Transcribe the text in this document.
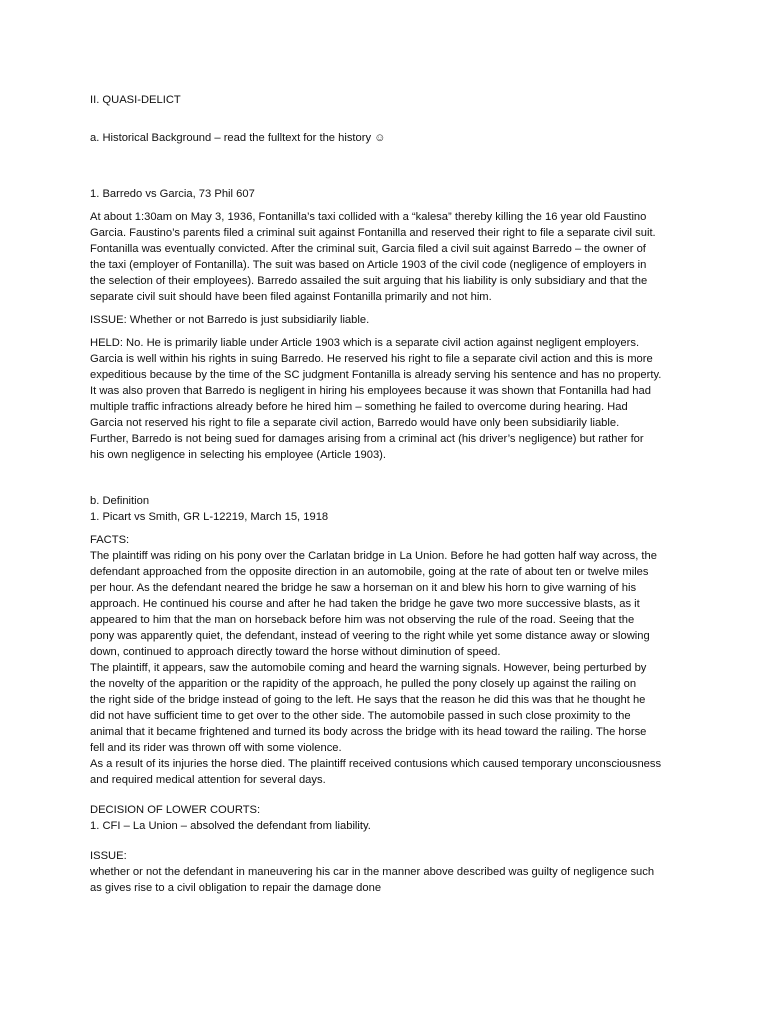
II. QUASI-DELICT
a. Historical Background – read the fulltext for the history ☺
1. Barredo vs Garcia, 73 Phil 607
At about 1:30am on May 3, 1936, Fontanilla’s taxi collided with a “kalesa” thereby killing the 16 year old Faustino
Garcia. Faustino’s parents filed a criminal suit against Fontanilla and reserved their right to file a separate civil suit.
Fontanilla was eventually convicted. After the criminal suit, Garcia filed a civil suit against Barredo – the owner of
the taxi (employer of Fontanilla). The suit was based on Article 1903 of the civil code (negligence of employers in
the selection of their employees). Barredo assailed the suit arguing that his liability is only subsidiary and that the
separate civil suit should have been filed against Fontanilla primarily and not him.
ISSUE: Whether or not Barredo is just subsidiarily liable.
HELD: No. He is primarily liable under Article 1903 which is a separate civil action against negligent employers.
Garcia is well within his rights in suing Barredo. He reserved his right to file a separate civil action and this is more
expeditious because by the time of the SC judgment Fontanilla is already serving his sentence and has no property.
It was also proven that Barredo is negligent in hiring his employees because it was shown that Fontanilla had had
multiple traffic infractions already before he hired him – something he failed to overcome during hearing. Had
Garcia not reserved his right to file a separate civil action, Barredo would have only been subsidiarily liable.
Further, Barredo is not being sued for damages arising from a criminal act (his driver’s negligence) but rather for
his own negligence in selecting his employee (Article 1903).
b. Definition
1. Picart vs Smith, GR L-12219, March 15, 1918
FACTS:
The plaintiff was riding on his pony over the Carlatan bridge in La Union. Before he had gotten half way across, the
defendant approached from the opposite direction in an automobile, going at the rate of about ten or twelve miles
per hour. As the defendant neared the bridge he saw a horseman on it and blew his horn to give warning of his
approach. He continued his course and after he had taken the bridge he gave two more successive blasts, as it
appeared to him that the man on horseback before him was not observing the rule of the road. Seeing that the
pony was apparently quiet, the defendant, instead of veering to the right while yet some distance away or slowing
down, continued to approach directly toward the horse without diminution of speed.
The plaintiff, it appears, saw the automobile coming and heard the warning signals. However, being perturbed by
the novelty of the apparition or the rapidity of the approach, he pulled the pony closely up against the railing on
the right side of the bridge instead of going to the left. He says that the reason he did this was that he thought he
did not have sufficient time to get over to the other side. The automobile passed in such close proximity to the
animal that it became frightened and turned its body across the bridge with its head toward the railing. The horse
fell and its rider was thrown off with some violence.
As a result of its injuries the horse died. The plaintiff received contusions which caused temporary unconsciousness
and required medical attention for several days.
DECISION OF LOWER COURTS:
1. CFI – La Union – absolved the defendant from liability.
ISSUE:
whether or not the defendant in maneuvering his car in the manner above described was guilty of negligence such
as gives rise to a civil obligation to repair the damage done
